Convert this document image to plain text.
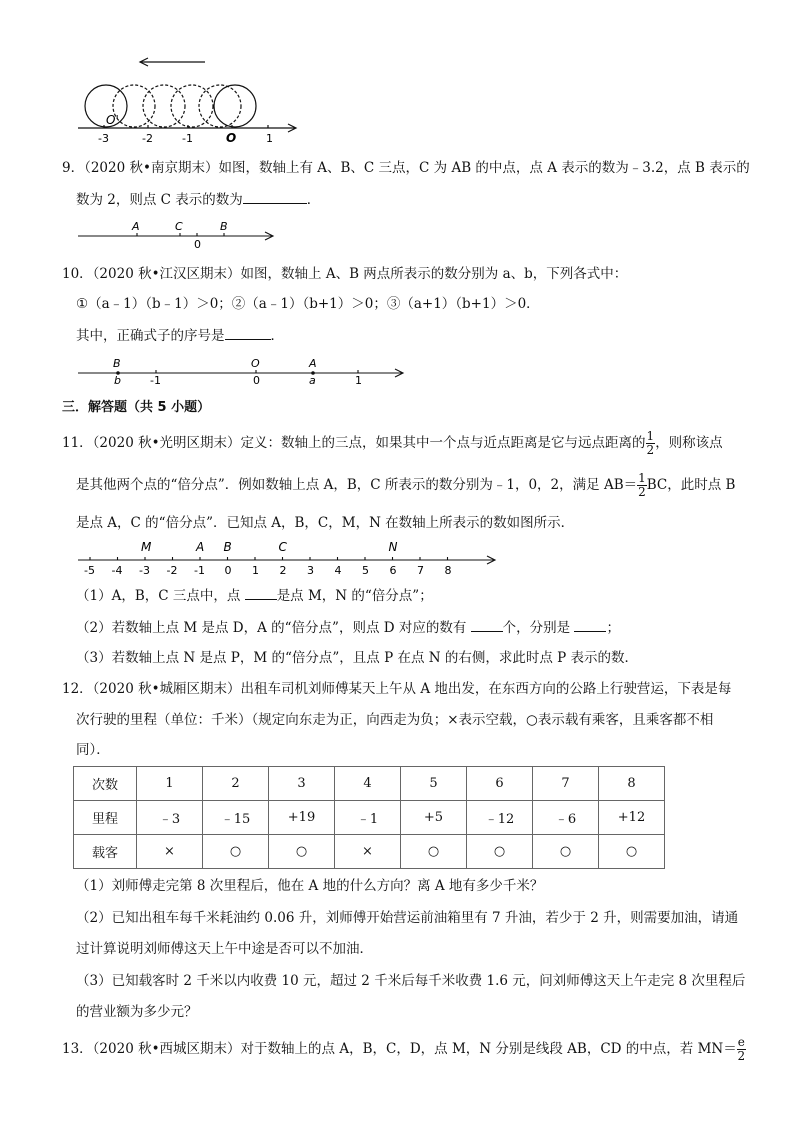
O'
-3	-2	-1	O	1
9．（2020 秋•南京期末）如图，数轴上有 A、B、C 三点，C 为 AB 的中点，点 A 表示的数为﹣3.2，点 B 表示的
数为 2，则点 C 表示的数为	．
A	C	B
0
10．（2020 秋•江汉区期末）如图，数轴上 A、B 两点所表示的数分别为 a、b，下列各式中：
①（a﹣1）（b﹣1）＞0；②（a﹣1）（b+1）＞0；③（a+1）（b+1）＞0．
其中，正确式子的序号是	．
B
b	-1
O
0
A
a	1
三．解答题（共 5 小题）
11．（2020 秋•光明区期末）定义：数轴上的三点，如果其中一个点与近点距离是它与远点距离的 $\frac{1}{2}$ ，则称该点
是其他两个点的“倍分点”．例如数轴上点 A，B，C 所表示的数分别为﹣1，0，2，满足 $AB= \frac{1}{2}$ BC，此时点 B
是点 A，C 的“倍分点”．已知点 A，B，C，M，N 在数轴上所表示的数如图所示．
-5 -4 -3 -2 -1 0 1 2 3 4 5 6 7 8
M	A B	C	N
（1）A，B，C 三点中，点	是点 M，N 的“倍分点”；
（2）若数轴上点 M 是点 D，A 的“倍分点”，则点 D 对应的数有	个，分别是	；
（3）若数轴上点 N 是点 P，M 的“倍分点”，且点 P 在点 N 的右侧，求此时点 P 表示的数．
12．（2020 秋•城厢区期末）出租车司机刘师傅某天上午从 A 地出发，在东西方向的公路上行驶营运，下表是每
次行驶的里程（单位：千米）（规定向东走为正，向西走为负；×表示空载，○表示载有乘客，且乘客都不相
同）．
次数	1	2	3	4	5	6	7	8
里程	﹣3	﹣15	+19	﹣1	+5	﹣12	﹣6	+12
载客	×	○	○	×	○	○	○	○
（1）刘师傅走完第 8 次里程后，他在 A 地的什么方向？离 A 地有多少千米？
（2）已知出租车每千米耗油约 0.06 升，刘师傅开始营运前油箱里有 7 升油，若少于 2 升，则需要加油，请通
过计算说明刘师傅这天上午中途是否可以不加油．
（3）已知载客时 2 千米以内收费 10 元，超过 2 千米后每千米收费 1.6 元，问刘师傅这天上午走完 8 次里程后
的营业额为多少元？
13．（2020 秋•西城区期末）对于数轴上的点 A，B，C，D，点 M，N 分别是线段 AB，CD 的中点，若 $MN= \frac{e}{2}$
